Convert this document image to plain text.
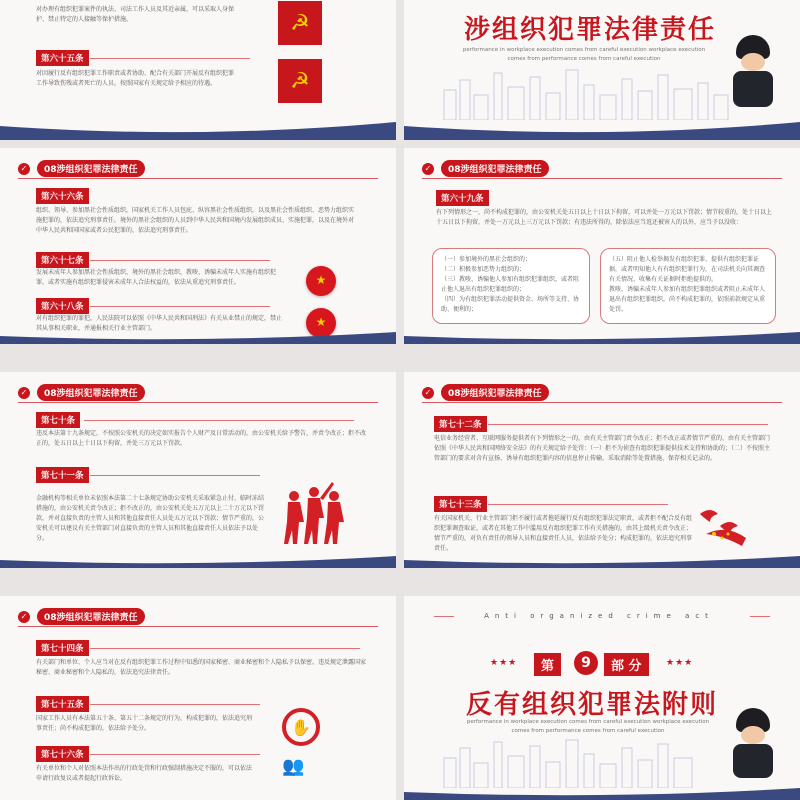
对办理有组织犯罪案件的执法、司法工作人员及其近亲属，可以采取人身保护、禁止特定的人接触等保护措施。
第六十五条
对因履行反有组织犯罪工作职责或者协助、配合有关部门开展反有组织犯罪工作导致伤残或者死亡的人员，按照国家有关规定给予相应的待遇。
☭
☭
涉组织犯罪法律责任
performance in workplace execution comes from careful execution workplace execution
comes from performance comes from careful execution
✓	08涉组织犯罪法律责任
第六十六条
组织、领导、参加黑社会性质组织，国家机关工作人员包庇、纵容黑社会性质组织，以及黑社会性质组织、恶势力组织实施犯罪的，依法追究刑事责任。境外的黑社会组织的人员到中华人民共和国境内发展组织成员、实施犯罪，以及在境外对中华人民共和国国家或者公民犯罪的，依法追究刑事责任。
第六十七条
发展未成年人参加黑社会性质组织、境外的黑社会组织，教唆、诱骗未成年人实施有组织犯罪，或者实施有组织犯罪侵害未成年人合法权益的，依法从重追究刑事责任。
第六十八条
对有组织犯罪的罪犯，人民法院可以依照《中华人民共和国刑法》有关从业禁止的规定，禁止其从事相关职业，并通报相关行业主管部门。
★
★
✓	08涉组织犯罪法律责任
第六十九条
有下列情形之一，尚不构成犯罪的，由公安机关处五日以上十日以下拘留，可以并处一万元以下罚款；情节较重的，处十日以上十五日以下拘留，并处一万元以上三万元以下罚款；有违法所得的，除依法应当返还被害人的以外，应当予以没收：
（一）参加境外的黑社会组织的；
（二）积极参加恶势力组织的；
（三）教唆、诱骗他人参加有组织犯罪组织，或者阻止他人退出有组织犯罪组织的；
（四）为有组织犯罪活动提供资金、场所等支持、协助、便利的；
（五）阻止他人检举揭发有组织犯罪、提供有组织犯罪证据，或者明知他人有有组织犯罪行为，在司法机关向其调查有关情况、收集有关证据时拒绝提供的。
教唆、诱骗未成年人参加有组织犯罪组织或者阻止未成年人退出有组织犯罪组织，尚不构成犯罪的，依照前款规定从重处罚。
✓	08涉组织犯罪法律责任
第七十条
违反本法第十九条规定，不按照公安机关的决定如实报告个人财产及日常活动的，由公安机关给予警告，并责令改正；拒不改正的，处五日以上十日以下拘留，并处三万元以下罚款。
第七十一条
金融机构等相关单位未依照本法第二十七条规定协助公安机关采取紧急止付、临时冻结措施的，由公安机关责令改正；拒不改正的，由公安机关处五万元以上二十万元以下罚款，并对直接负责的主管人员和其他直接责任人员处五万元以下罚款；情节严重的，公安机关可以建议有关主管部门对直接负责的主管人员和其他直接责任人员依法予以处分。
✓	08涉组织犯罪法律责任
第七十二条
电信业务经营者、互联网服务提供者有下列情形之一的，由有关主管部门责令改正；拒不改正或者情节严重的，由有关主管部门依照《中华人民共和国网络安全法》的有关规定给予处罚：（一）拒不为侦查有组织犯罪提供技术支持和协助的；（二）不按照主管部门的要求对含有宣扬、诱导有组织犯罪内容的信息停止传输、采取消除等处置措施、保存相关记录的。
第七十三条
有关国家机关、行业主管部门拒不履行或者拖延履行反有组织犯罪法定职责，或者拒不配合反有组织犯罪调查取证，或者在其他工作中滥用反有组织犯罪工作有关措施的，由其上级机关责令改正；情节严重的，对负有责任的领导人员和直接责任人员，依法给予处分；构成犯罪的，依法追究刑事责任。
✓	08涉组织犯罪法律责任
第七十四条
有关部门和单位、个人应当对在反有组织犯罪工作过程中知悉的国家秘密、商业秘密和个人隐私予以保密。违反规定泄露国家秘密、商业秘密和个人隐私的，依法追究法律责任。
第七十五条
国家工作人员有本法第五十条、第五十二条规定的行为，构成犯罪的，依法追究刑事责任；尚不构成犯罪的，依法给予处分。
第七十六条
有关单位和个人对依照本法作出的行政处罚和行政强制措施决定不服的，可以依法申请行政复议或者提起行政诉讼。
✋
👥
Anti organized crime act
★★★	第	9	部 分	★★★
反有组织犯罪法附则
performance in workplace execution comes from careful execution workplace execution
comes from performance comes from careful execution
